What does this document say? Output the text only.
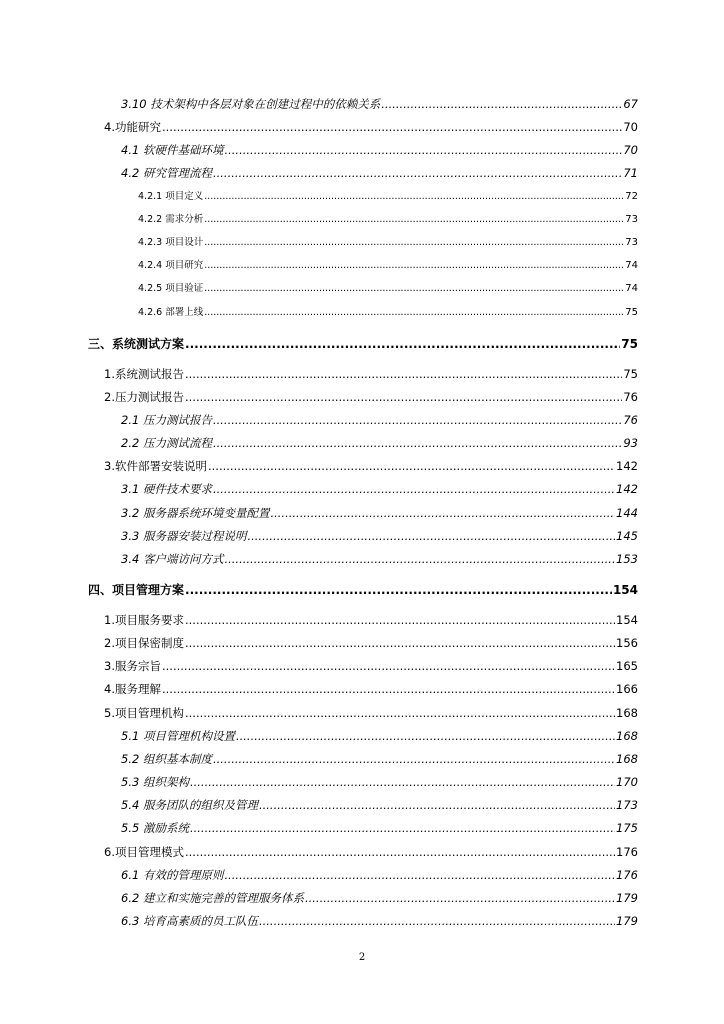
3.10 技术架构中各层对象在创建过程中的依赖关系 .....	67
4.功能研究 .....	70
4.1 软硬件基础环境 .....	70
4.2 研究管理流程 .....	71
4.2.1 项目定义 .....	72
4.2.2 需求分析 .....	73
4.2.3 项目设计 .....	73
4.2.4 项目研究 .....	74
4.2.5 项目验证 .....	74
4.2.6 部署上线 .....	75
三、系统测试方案 .....	75
1.系统测试报告 .....	75
2.压力测试报告 .....	76
2.1 压力测试报告 .....	76
2.2 压力测试流程 .....	93
3.软件部署安装说明 .....	142
3.1 硬件技术要求 .....	142
3.2 服务器系统环境变量配置 .....	144
3.3 服务器安装过程说明 .....	145
3.4 客户端访问方式 .....	153
四、项目管理方案 .....	154
1.项目服务要求 .....	154
2.项目保密制度 .....	156
3.服务宗旨 .....	165
4.服务理解 .....	166
5.项目管理机构 .....	168
5.1 项目管理机构设置 .....	168
5.2 组织基本制度 .....	168
5.3 组织架构 .....	170
5.4 服务团队的组织及管理 .....	173
5.5 激励系统 .....	175
6.项目管理模式 .....	176
6.1 有效的管理原则 .....	176
6.2 建立和实施完善的管理服务体系 .....	179
6.3 培育高素质的员工队伍 .....	179
2
